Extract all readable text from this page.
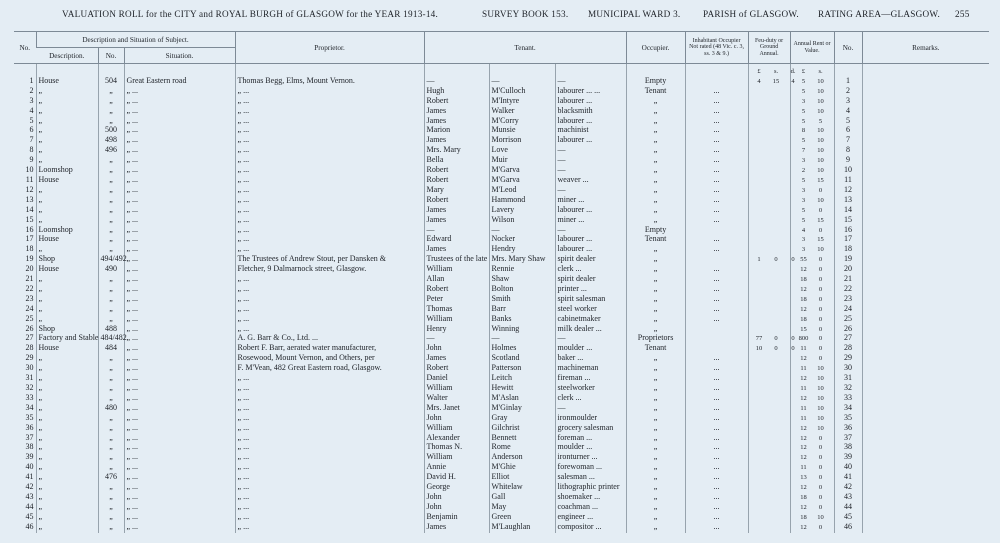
VALUATION ROLL for the CITY and ROYAL BURGH of GLASGOW for the YEAR 1913-14.	SURVEY BOOK 153. MUNICIPAL WARD 3. PARISH of GLASGOW. RATING AREA—GLASGOW. 255
No.	Description and Situation of Subject.			Proprietor.	Tenant.			Occupier.	Inhabitant Occupier Not rated (48 Vic. c. 3, ss. 3 & 9.)	Feu-duty or Ground Annual.	Annual Rent or Value.	No.	Remarks.
	Description.	No.	Situation.										
										£ s. d.	£ s.		
1	House	504	Great Eastern road	Thomas Begg, Elms, Mount Vernon.	—	—	—	Empty		4 15 4	5 10	1	
2	„	„	„ ...	„ ...	Hugh	M'Culloch	labourer ... ...	Tenant	...		5 10	2	
3	„	„	„ ...	„ ...	Robert	M'Intyre	labourer ...	„	...		3 10	3	
4	„	„	„ ...	„ ...	James	Walker	blacksmith	„	...		5 10	4	
5	„	„	„ ...	„ ...	James	M'Corry	labourer ...	„	...		5 5	5	
6	„	500	„ ...	„ ...	Marion	Munsie	machinist	„	...		8 10	6	
7	„	498	„ ...	„ ...	James	Morrison	labourer ...	„	...		5 10	7	
8	„	496	„ ...	„ ...	Mrs. Mary	Love	—	„	...		7 10	8	
9	„	„	„ ...	„ ...	Bella	Muir	—	„	...		3 10	9	
10	Loomshop	„	„ ...	„ ...	Robert	M'Garva	—	„	...		2 10	10	
11	House	„	„ ...	„ ...	Robert	M'Garva	weaver ...	„	...		5 15	11	
12	„	„	„ ...	„ ...	Mary	M'Leod	—	„	...		3 0	12	
13	„	„	„ ...	„ ...	Robert	Hammond	miner ...	„	...		3 10	13	
14	„	„	„ ...	„ ...	James	Lavery	labourer ...	„	...		5 0	14	
15	„	„	„ ...	„ ...	James	Wilson	miner ...	„	...		5 15	15	
16	Loomshop	„	„ ...	„ ...	—	—	—	Empty			4 0	16	
17	House	„	„ ...	„ ...	Edward	Nocker	labourer ...	Tenant	...		3 15	17	
18	„	„	„ ...	„ ...	James	Hendry	labourer ...	„	...		3 10	18	
19	Shop	494/492	„ ...	The Trustees of Andrew Stout, per Dansken &	Trustees of the late	Mrs. Mary Shaw	spirit dealer	„		1 0 0	55 0	19	
20	House	490	„ ...	Fletcher, 9 Dalmarnock street, Glasgow.	William	Rennie	clerk ...	„	...		12 0	20	
21	„	„	„ ...	„ ...	Allan	Shaw	spirit dealer	„	...		18 0	21	
22	„	„	„ ...	„ ...	Robert	Bolton	printer ...	„	...		12 0	22	
23	„	„	„ ...	„ ...	Peter	Smith	spirit salesman	„	...		18 0	23	
24	„	„	„ ...	„ ...	Thomas	Barr	steel worker	„	...		12 0	24	
25	„	„	„ ...	„ ...	William	Banks	cabinetmaker	„	...		18 0	25	
26	Shop	488	„ ...	„ ...	Henry	Winning	milk dealer ...	„			15 0	26	
27	Factory and Stable	484/482	„ ...	A. G. Barr & Co., Ltd. ...	—	—	—	Proprietors		77 0 0	800 0	27	
28	House	484	„ ...	Robert F. Barr, aerated water manufacturer,	John	Holmes	moulder ...	Tenant		10 0 0	11 0	28	
29	„	„	„ ...	Rosewood, Mount Vernon, and Others, per	James	Scotland	baker ...	„	...		12 0	29	
30	„	„	„ ...	F. M'Vean, 482 Great Eastern road, Glasgow.	Robert	Patterson	machineman	„	...		11 10	30	
31	„	„	„ ...	„ ...	Daniel	Leitch	fireman ...	„	...		12 10	31	
32	„	„	„ ...	„ ...	William	Hewitt	steelworker	„	...		11 10	32	
33	„	„	„ ...	„ ...	Walter	M'Aslan	clerk ...	„	...		12 10	33	
34	„	480	„ ...	„ ...	Mrs. Janet	M'Ginlay	—	„	...		11 10	34	
35	„	„	„ ...	„ ...	John	Gray	ironmoulder	„	...		11 10	35	
36	„	„	„ ...	„ ...	William	Gilchrist	grocery salesman	„	...		12 10	36	
37	„	„	„ ...	„ ...	Alexander	Bennett	foreman ...	„	...		12 0	37	
38	„	„	„ ...	„ ...	Thomas N.	Rome	moulder ...	„	...		12 0	38	
39	„	„	„ ...	„ ...	William	Anderson	ironturner ...	„	...		12 0	39	
40	„	„	„ ...	„ ...	Annie	M'Ghie	forewoman ...	„	...		11 0	40	
41	„	476	„ ...	„ ...	David H.	Elliot	salesman ...	„	...		13 0	41	
42	„	„	„ ...	„ ...	George	Whitelaw	lithographic printer	„	...		12 0	42	
43	„	„	„ ...	„ ...	John	Gall	shoemaker ...	„	...		18 0	43	
44	„	„	„ ...	„ ...	John	May	coachman ...	„	...		12 0	44	
45	„	„	„ ...	„ ...	Benjamin	Green	engineer ...	„	...		18 10	45	
46	„	„	„ ...	„ ...	James	M'Laughlan	compositor ...	„	...		12 0	46	
